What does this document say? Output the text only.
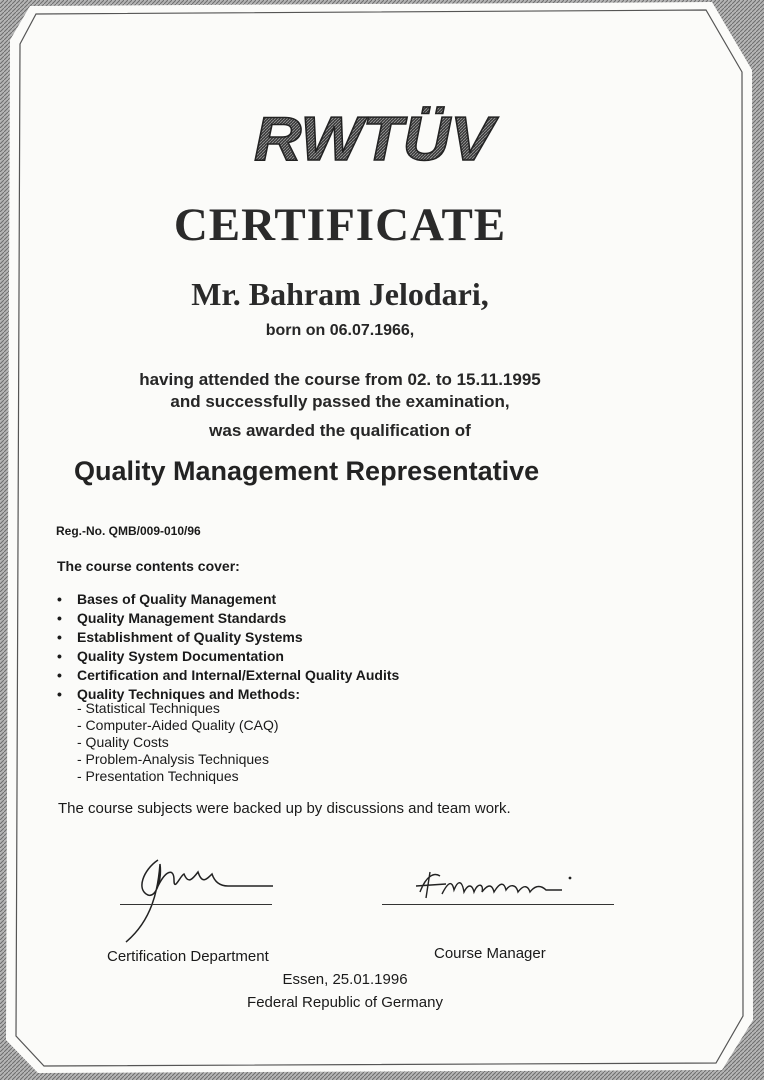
RWTÜV
CERTIFICATE
Mr. Bahram Jelodari,
born on 06.07.1966,
having attended the course from 02. to 15.11.1995
and successfully passed the examination,
was awarded the qualification of
Quality Management Representative
Reg.-No. QMB/009-010/96
The course contents cover:
• Bases of Quality Management
• Quality Management Standards
• Establishment of Quality Systems
• Quality System Documentation
• Certification and Internal/External Quality Audits
• Quality Techniques and Methods:
- Statistical Techniques
- Computer-Aided Quality (CAQ)
- Quality Costs
- Problem-Analysis Techniques
- Presentation Techniques
The course subjects were backed up by discussions and team work.
Certification Department	Course Manager
Essen, 25.01.1996
Federal Republic of Germany
